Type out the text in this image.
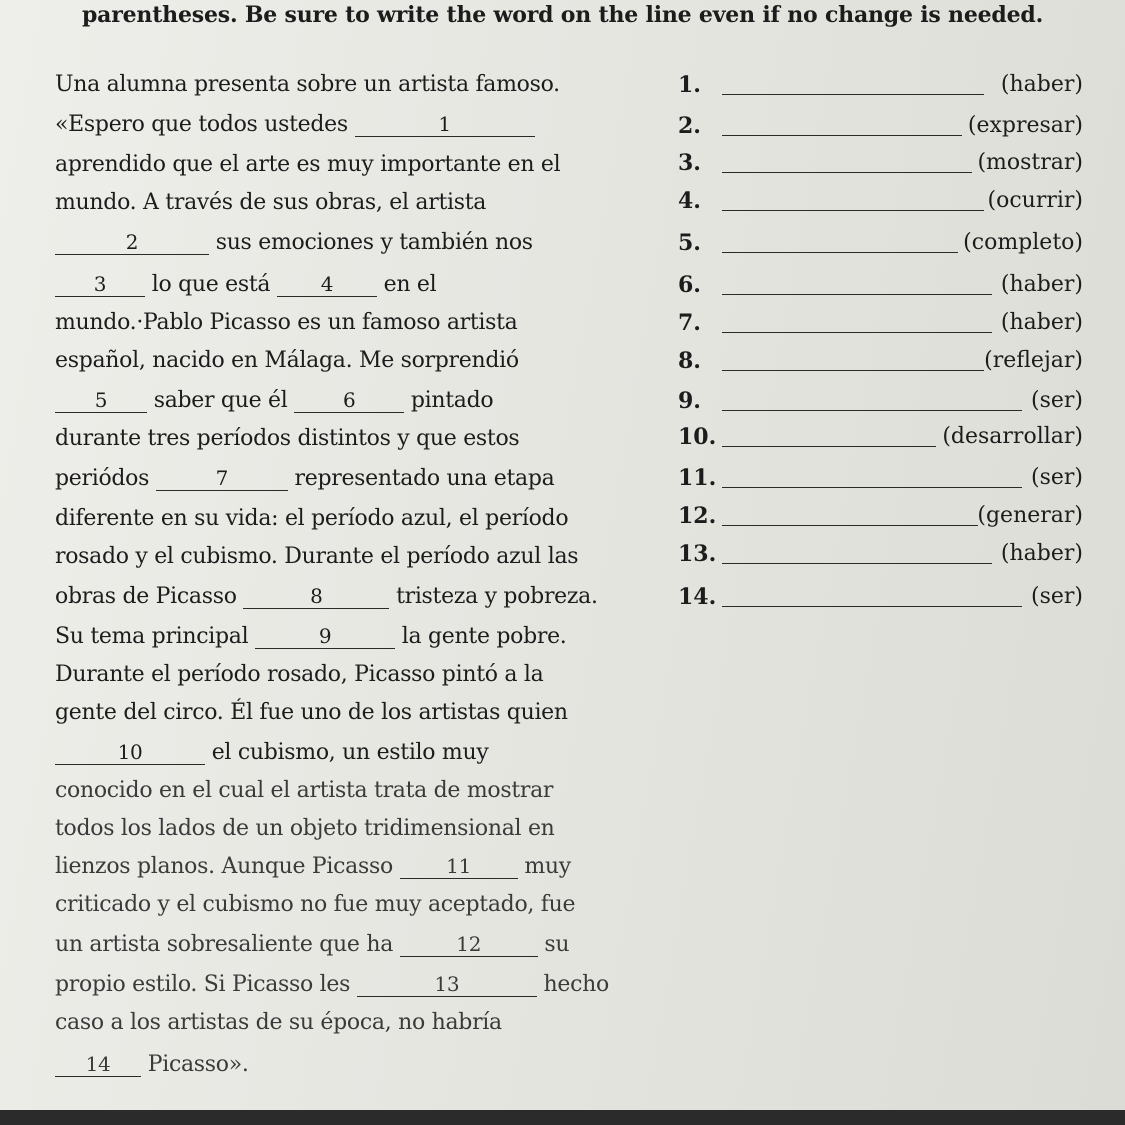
parentheses. Be sure to write the word on the line even if no change is needed.
Una alumna presenta sobre un artista famoso.
«Espero que todos ustedes	1
aprendido que el arte es muy importante en el
mundo. A través de sus obras, el artista
2	sus emociones y también nos
3 lo que está	4 en el
mundo.·Pablo Picasso es un famoso artista
español, nacido en Málaga. Me sorprendió
5 saber que él	6	pintado
durante tres períodos distintos y que estos
periódos	7	representado una etapa
diferente en su vida: el período azul, el período
rosado y el cubismo. Durante el período azul las
obras de Picasso	8	tristeza y pobreza.
Su tema principal	9	la gente pobre.
Durante el período rosado, Picasso pintó a la
gente del circo. Él fue uno de los artistas quien
10	el cubismo, un estilo muy
conocido en el cual el artista trata de mostrar
todos los lados de un objeto tridimensional en
lienzos planos. Aunque Picasso	11 muy
criticado y el cubismo no fue muy aceptado, fue
un artista sobresaliente que ha	12	su
propio estilo. Si Picasso les	13	hecho
caso a los artistas de su época, no habría
14 Picasso».
1.	(haber)
2.	(expresar)
3.	(mostrar)
4.	(ocurrir)
5.	(completo)
6.	(haber)
7.	(haber)
8.	(reflejar)
9.	(ser)
10.	(desarrollar)
11.	(ser)
12.	(generar)
13.	(haber)
14.	(ser)
